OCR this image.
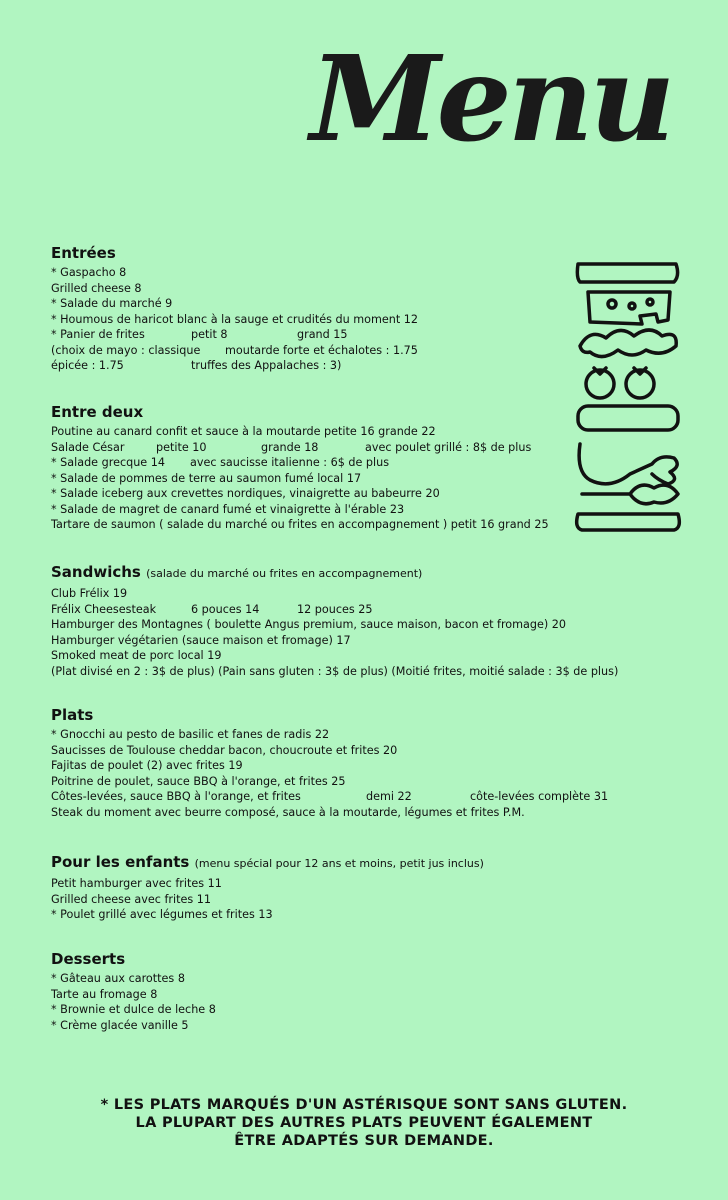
Menu
Entrées
* Gaspacho 8
Grilled cheese 8
* Salade du marché 9
* Houmous de haricot blanc à la sauge et crudités du moment 12
* Panier de frites	petit 8	grand 15
(choix de mayo : classique moutarde forte et échalotes : 1.75
épicée : 1.75	truffes des Appalaches : 3)
Entre deux
Poutine au canard confit et sauce à la moutarde petite 16 grande 22
Salade César	petite 10	grande 18	avec poulet grillé : 8$ de plus
* Salade grecque 14 avec saucisse italienne : 6$ de plus
* Salade de pommes de terre au saumon fumé local 17
* Salade iceberg aux crevettes nordiques, vinaigrette au babeurre 20
* Salade de magret de canard fumé et vinaigrette à l'érable 23
Tartare de saumon ( salade du marché ou frites en accompagnement ) petit 16 grand 25
Sandwichs (salade du marché ou frites en accompagnement)
Club Frélix 19
Frélix Cheesesteak	6 pouces 14	12 pouces 25
Hamburger des Montagnes ( boulette Angus premium, sauce maison, bacon et fromage) 20
Hamburger végétarien (sauce maison et fromage) 17
Smoked meat de porc local 19
(Plat divisé en 2 : 3$ de plus) (Pain sans gluten : 3$ de plus) (Moitié frites, moitié salade : 3$ de plus)
Plats
* Gnocchi au pesto de basilic et fanes de radis 22
Saucisses de Toulouse cheddar bacon, choucroute et frites 20
Fajitas de poulet (2) avec frites 19
Poitrine de poulet, sauce BBQ à l'orange, et frites 25
Côtes-levées, sauce BBQ à l'orange, et frites	demi 22	côte-levées complète 31
Steak du moment avec beurre composé, sauce à la moutarde, légumes et frites P.M.
Pour les enfants (menu spécial pour 12 ans et moins, petit jus inclus)
Petit hamburger avec frites 11
Grilled cheese avec frites 11
* Poulet grillé avec légumes et frites 13
Desserts
* Gâteau aux carottes 8
Tarte au fromage 8
* Brownie et dulce de leche 8
* Crème glacée vanille 5
* LES PLATS MARQUÉS D'UN ASTÉRISQUE SONT SANS GLUTEN.
LA PLUPART DES AUTRES PLATS PEUVENT ÉGALEMENT
ÊTRE ADAPTÉS SUR DEMANDE.
